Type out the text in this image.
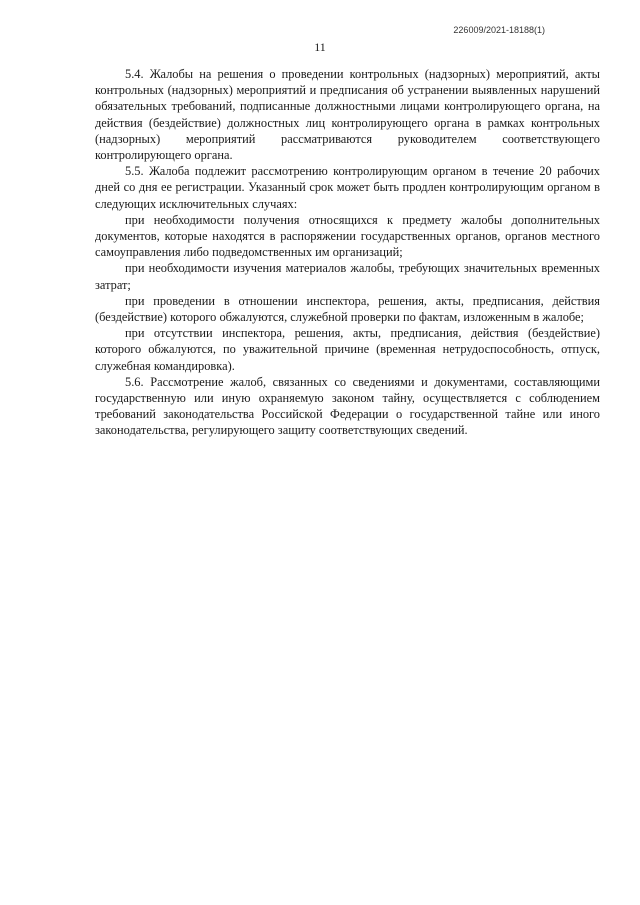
226009/2021-18188(1)
11

5.4. Жалобы на решения о проведении контрольных (надзорных) мероприятий, акты контрольных (надзорных) мероприятий и предписания об устранении выявленных нарушений обязательных требований, подписанные должностными лицами контролирующего органа, на действия (бездействие) должностных лиц контролирующего органа в рамках контрольных (надзорных) мероприятий рассматриваются руководителем соответствующего контролирующего органа.

5.5. Жалоба подлежит рассмотрению контролирующим органом в течение 20 рабочих дней со дня ее регистрации. Указанный срок может быть продлен контролирующим органом в следующих исключительных случаях:

при необходимости получения относящихся к предмету жалобы дополнительных документов, которые находятся в распоряжении государственных органов, органов местного самоуправления либо подведомственных им организаций;

при необходимости изучения материалов жалобы, требующих значительных временных затрат;

при проведении в отношении инспектора, решения, акты, предписания, действия (бездействие) которого обжалуются, служебной проверки по фактам, изложенным в жалобе;

при отсутствии инспектора, решения, акты, предписания, действия (бездействие) которого обжалуются, по уважительной причине (временная нетрудоспособность, отпуск, служебная командировка).

5.6. Рассмотрение жалоб, связанных со сведениями и документами, составляющими государственную или иную охраняемую законом тайну, осуществляется с соблюдением требований законодательства Российской Федерации о государственной тайне или иного законодательства, регулирующего защиту соответствующих сведений.
